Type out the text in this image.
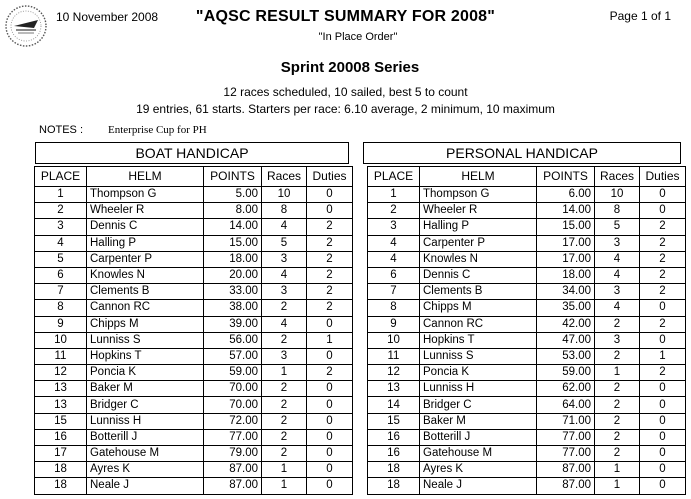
10 November 2008	"AQSC RESULT SUMMARY FOR 2008"
"In Place Order"
Page 1 of 1
Sprint 20008 Series
12 races scheduled, 10 sailed, best 5 to count
19 entries, 61 starts. Starters per race: 6.10 average, 2 minimum, 10 maximum
NOTES : Enterprise Cup for PH
BOAT HANDICAP	PERSONAL HANDICAP
PLACE	HELM	POINTS	Races	Duties
1	Thompson G	5.00	10	0
2	Wheeler R	8.00	8	0
3	Dennis C	14.00	4	2
4	Halling P	15.00	5	2
5	Carpenter P	18.00	3	2
6	Knowles N	20.00	4	2
7	Clements B	33.00	3	2
8	Cannon RC	38.00	2	2
9	Chipps M	39.00	4	0
10	Lunniss S	56.00	2	1
11	Hopkins T	57.00	3	0
12	Poncia K	59.00	1	2
13	Baker M	70.00	2	0
13	Bridger C	70.00	2	0
15	Lunniss H	72.00	2	0
16	Botterill J	77.00	2	0
17	Gatehouse M	79.00	2	0
18	Ayres K	87.00	1	0
18	Neale J	87.00	1	0
PLACE	HELM	POINTS	Races	Duties
1	Thompson G	6.00	10	0
2	Wheeler R	14.00	8	0
3	Halling P	15.00	5	2
4	Carpenter P	17.00	3	2
4	Knowles N	17.00	4	2
6	Dennis C	18.00	4	2
7	Clements B	34.00	3	2
8	Chipps M	35.00	4	0
9	Cannon RC	42.00	2	2
10	Hopkins T	47.00	3	0
11	Lunniss S	53.00	2	1
12	Poncia K	59.00	1	2
13	Lunniss H	62.00	2	0
14	Bridger C	64.00	2	0
15	Baker M	71.00	2	0
16	Botterill J	77.00	2	0
16	Gatehouse M	77.00	2	0
18	Ayres K	87.00	1	0
18	Neale J	87.00	1	0
